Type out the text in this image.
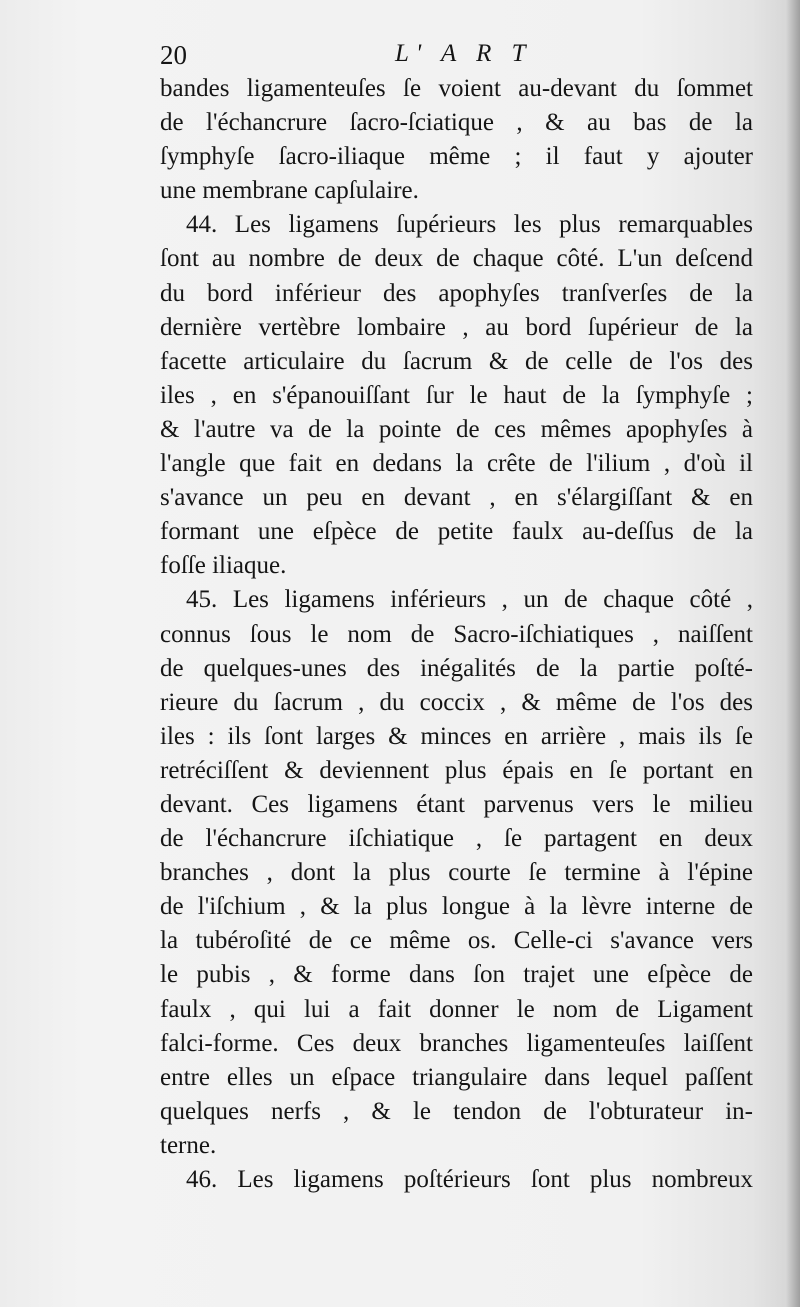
20	L' A R T
bandes ligamenteuſes ſe voient au-devant du ſommet
de l'échancrure ſacro-ſciatique , & au bas de la
ſymphyſe ſacro-iliaque même ; il faut y ajouter
une membrane capſulaire.
44. Les ligamens ſupérieurs les plus remarquables
ſont au nombre de deux de chaque côté. L'un deſcend
du bord inférieur des apophyſes tranſverſes de la
dernière vertèbre lombaire , au bord ſupérieur de la
facette articulaire du ſacrum & de celle de l'os des
iles , en s'épanouiſſant ſur le haut de la ſymphyſe ;
& l'autre va de la pointe de ces mêmes apophyſes à
l'angle que fait en dedans la crête de l'ilium , d'où il
s'avance un peu en devant , en s'élargiſſant & en
formant une eſpèce de petite faulx au-deſſus de la
foſſe iliaque.
45. Les ligamens inférieurs , un de chaque côté ,
connus ſous le nom de Sacro-iſchiatiques , naiſſent
de quelques-unes des inégalités de la partie poſté-
rieure du ſacrum , du coccix , & même de l'os des
iles : ils ſont larges & minces en arrière , mais ils ſe
retréciſſent & deviennent plus épais en ſe portant en
devant. Ces ligamens étant parvenus vers le milieu
de l'échancrure iſchiatique , ſe partagent en deux
branches , dont la plus courte ſe termine à l'épine
de l'iſchium , & la plus longue à la lèvre interne de
la tubéroſité de ce même os. Celle-ci s'avance vers
le pubis , & forme dans ſon trajet une eſpèce de
faulx , qui lui a fait donner le nom de Ligament
falci-forme. Ces deux branches ligamenteuſes laiſſent
entre elles un eſpace triangulaire dans lequel paſſent
quelques nerfs , & le tendon de l'obturateur in-
terne.
46. Les ligamens poſtérieurs ſont plus nombreux
